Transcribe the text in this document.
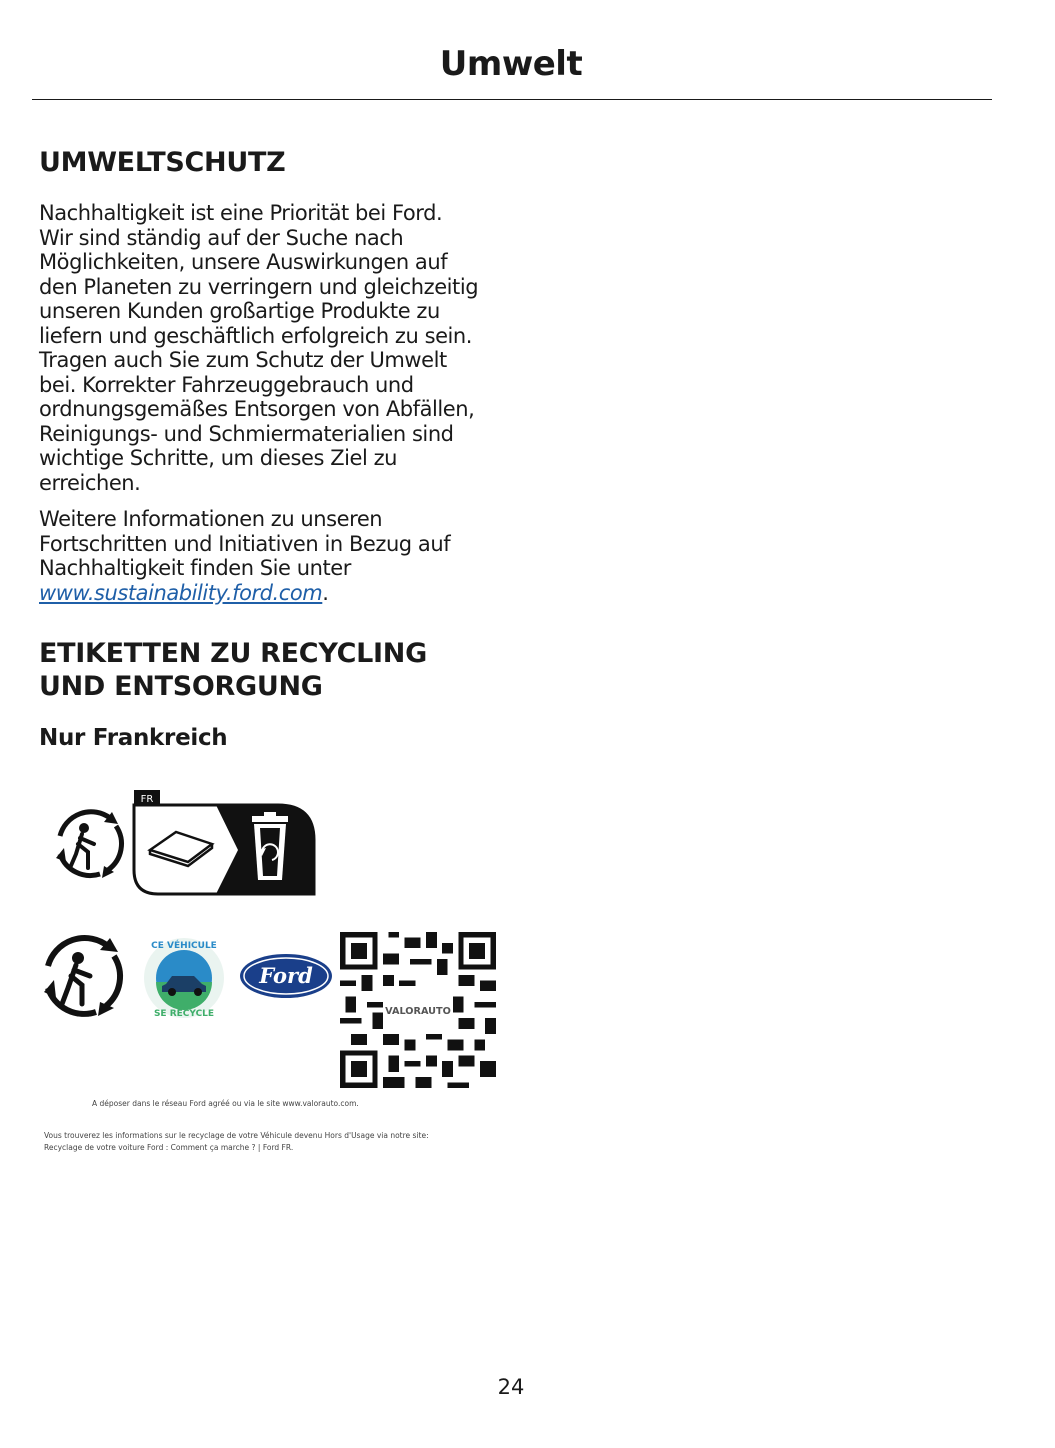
Umwelt

UMWELTSCHUTZ

Nachhaltigkeit ist eine Priorität bei Ford.
Wir sind ständig auf der Suche nach
Möglichkeiten, unsere Auswirkungen auf
den Planeten zu verringern und gleichzeitig
unseren Kunden großartige Produkte zu
liefern und geschäftlich erfolgreich zu sein.
Tragen auch Sie zum Schutz der Umwelt
bei. Korrekter Fahrzeuggebrauch und
ordnungsgemäßes Entsorgen von Abfällen,
Reinigungs- und Schmiermaterialien sind
wichtige Schritte, um dieses Ziel zu
erreichen.

Weitere Informationen zu unseren
Fortschritten und Initiativen in Bezug auf
Nachhaltigkeit finden Sie unter
www.sustainability.ford.com.

ETIKETTEN ZU RECYCLING

UND ENTSORGUNG

Nur Frankreich

FR
CE VÉHICULE
SE RECYCLE
Ford
VALORAUTO
A déposer dans le réseau Ford agréé ou via le site www.valorauto.com.
Vous trouverez les informations sur le recyclage de votre Véhicule devenu Hors d'Usage via notre site:
Recyclage de votre voiture Ford : Comment ça marche ? | Ford FR.
24
